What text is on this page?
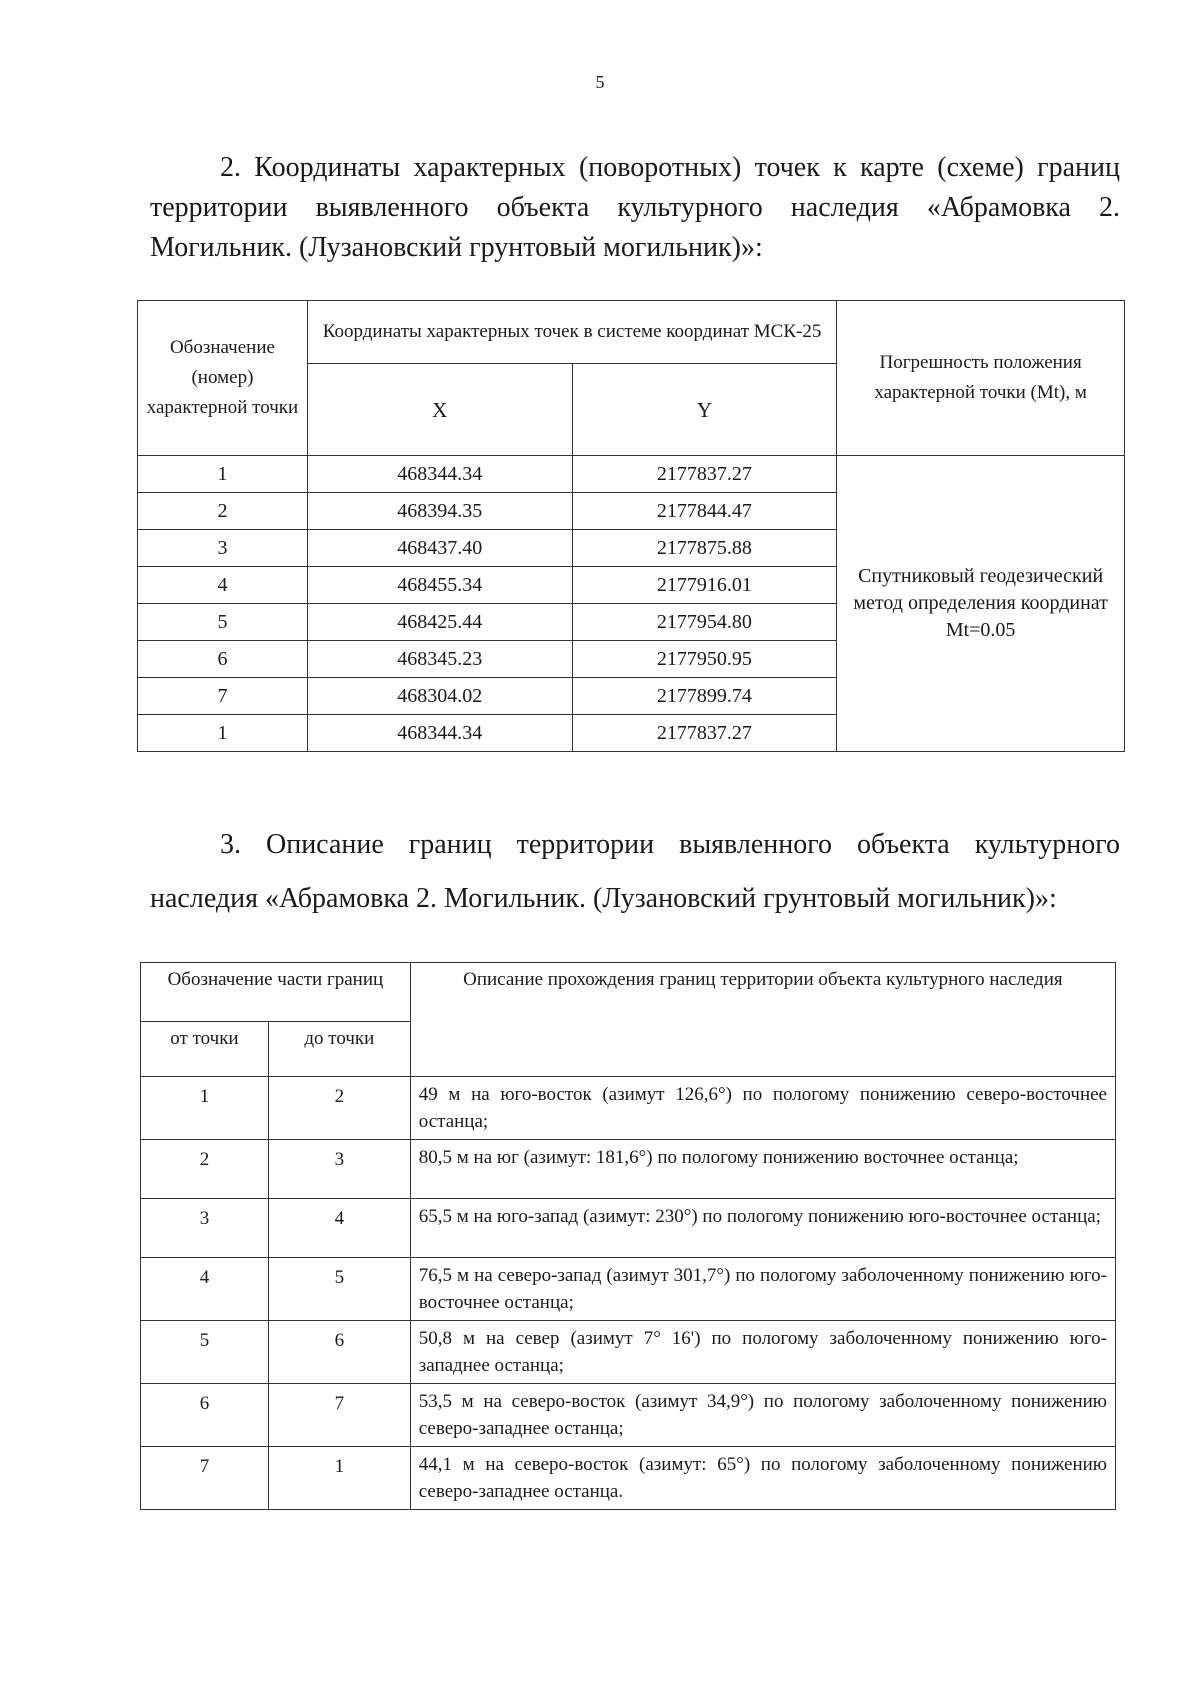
5

2. Координаты характерных (поворотных) точек к карте (схеме) границ территории выявленного объекта культурного наследия «Абрамовка 2. Могильник. (Лузановский грунтовый могильник)»:

Обозначение (номер) характерной точки	Координаты характерных точек в системе координат МСК-25		Погрешность положения характерной точки (Mt), м
	X	Y	
1	468344.34	2177837.27	Спутниковый геодезический метод определения координат Mt=0.05
2	468394.35	2177844.47	
3	468437.40	2177875.88	
4	468455.34	2177916.01	
5	468425.44	2177954.80	
6	468345.23	2177950.95	
7	468304.02	2177899.74	
1	468344.34	2177837.27	

3. Описание границ территории выявленного объекта культурного наследия «Абрамовка 2. Могильник. (Лузановский грунтовый могильник)»:

Обозначение части границ		Описание прохождения границ территории объекта культурного наследия
от точки	до точки	
1	2	49 м на юго-восток (азимут 126,6°) по пологому понижению северо-восточнее останца;
2	3	80,5 м на юг (азимут: 181,6°) по пологому понижению восточнее останца;
3	4	65,5 м на юго-запад (азимут: 230°) по пологому понижению юго-восточнее останца;
4	5	76,5 м на северо-запад (азимут 301,7°) по пологому заболоченному понижению юго-восточнее останца;
5	6	50,8 м на север (азимут 7° 16') по пологому заболоченному понижению юго-западнее останца;
6	7	53,5 м на северо-восток (азимут 34,9°) по пологому заболоченному понижению северо-западнее останца;
7	1	44,1 м на северо-восток (азимут: 65°) по пологому заболоченному понижению северо-западнее останца.
